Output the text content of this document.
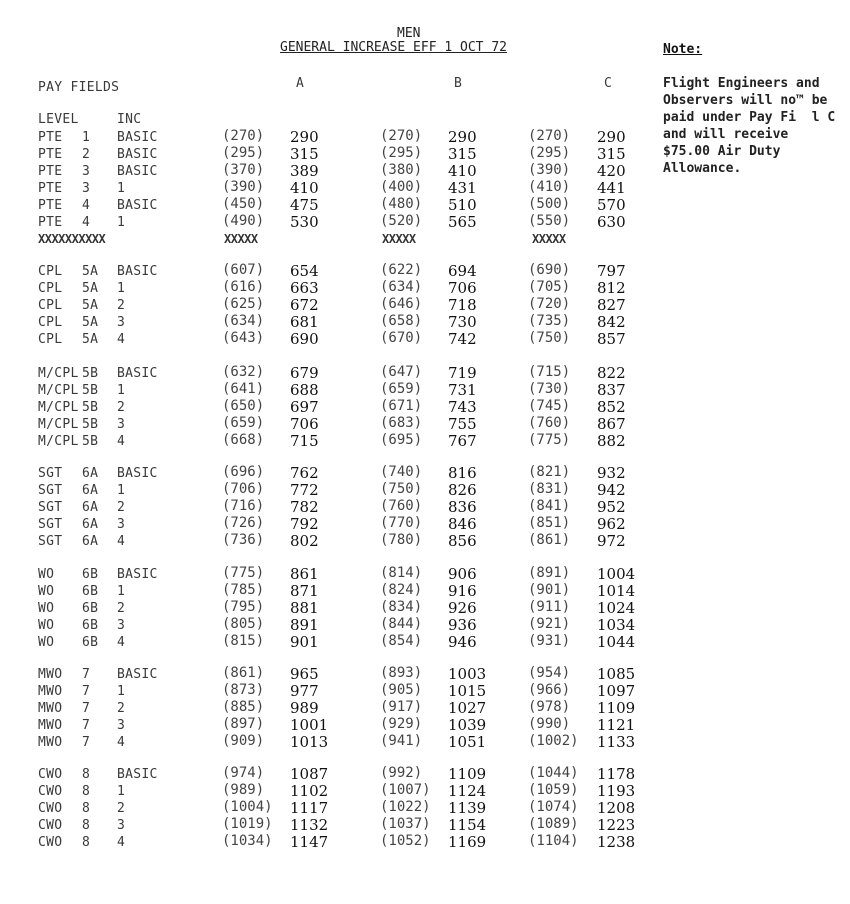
MEN
GENERAL INCREASE EFF 1 OCT 72
PAY FIELDS	A	B	C
LEVEL	INC
Note:
Flight Engineers and
Observers will no™ be
paid under Pay Fi  l C
and will receive
$75.00 Air Duty
Allowance.
PTE 1 BASIC	(270) 290	(270) 290	(270) 290
PTE 2 BASIC	(295) 315	(295) 315	(295) 315
PTE 3 BASIC	(370) 389	(380) 410	(390) 420
PTE 3 1	(390) 410	(400) 431	(410) 441
PTE 4 BASIC	(450) 475	(480) 510	(500) 570
PTE 4 1	(490) 530	(520) 565	(550) 630
XXXXXXXXXX	XXXXX	XXXXX	XXXXX
CPL 5A BASIC	(607) 654	(622) 694	(690) 797
CPL 5A 1	(616) 663	(634) 706	(705) 812
CPL 5A 2	(625) 672	(646) 718	(720) 827
CPL 5A 3	(634) 681	(658) 730	(735) 842
CPL 5A 4	(643) 690	(670) 742	(750) 857
M/CPL 5B BASIC	(632) 679	(647) 719	(715) 822
M/CPL 5B 1	(641) 688	(659) 731	(730) 837
M/CPL 5B 2	(650) 697	(671) 743	(745) 852
M/CPL 5B 3	(659) 706	(683) 755	(760) 867
M/CPL 5B 4	(668) 715	(695) 767	(775) 882
SGT 6A BASIC	(696) 762	(740) 816	(821) 932
SGT 6A 1	(706) 772	(750) 826	(831) 942
SGT 6A 2	(716) 782	(760) 836	(841) 952
SGT 6A 3	(726) 792	(770) 846	(851) 962
SGT 6A 4	(736) 802	(780) 856	(861) 972
WO 6B BASIC	(775) 861	(814) 906	(891) 1004
WO 6B 1	(785) 871	(824) 916	(901) 1014
WO 6B 2	(795) 881	(834) 926	(911) 1024
WO 6B 3	(805) 891	(844) 936	(921) 1034
WO 6B 4	(815) 901	(854) 946	(931) 1044
MWO 7 BASIC	(861) 965	(893) 1003	(954) 1085
MWO 7 1	(873) 977	(905) 1015	(966) 1097
MWO 7 2	(885) 989	(917) 1027	(978) 1109
MWO 7 3	(897) 1001	(929) 1039	(990) 1121
MWO 7 4	(909) 1013	(941) 1051	(1002) 1133
CWO 8 BASIC	(974) 1087	(992) 1109	(1044) 1178
CWO 8 1	(989) 1102	(1007) 1124	(1059) 1193
CWO 8 2	(1004) 1117	(1022) 1139	(1074) 1208
CWO 8 3	(1019) 1132	(1037) 1154	(1089) 1223
CWO 8 4	(1034) 1147	(1052) 1169	(1104) 1238
